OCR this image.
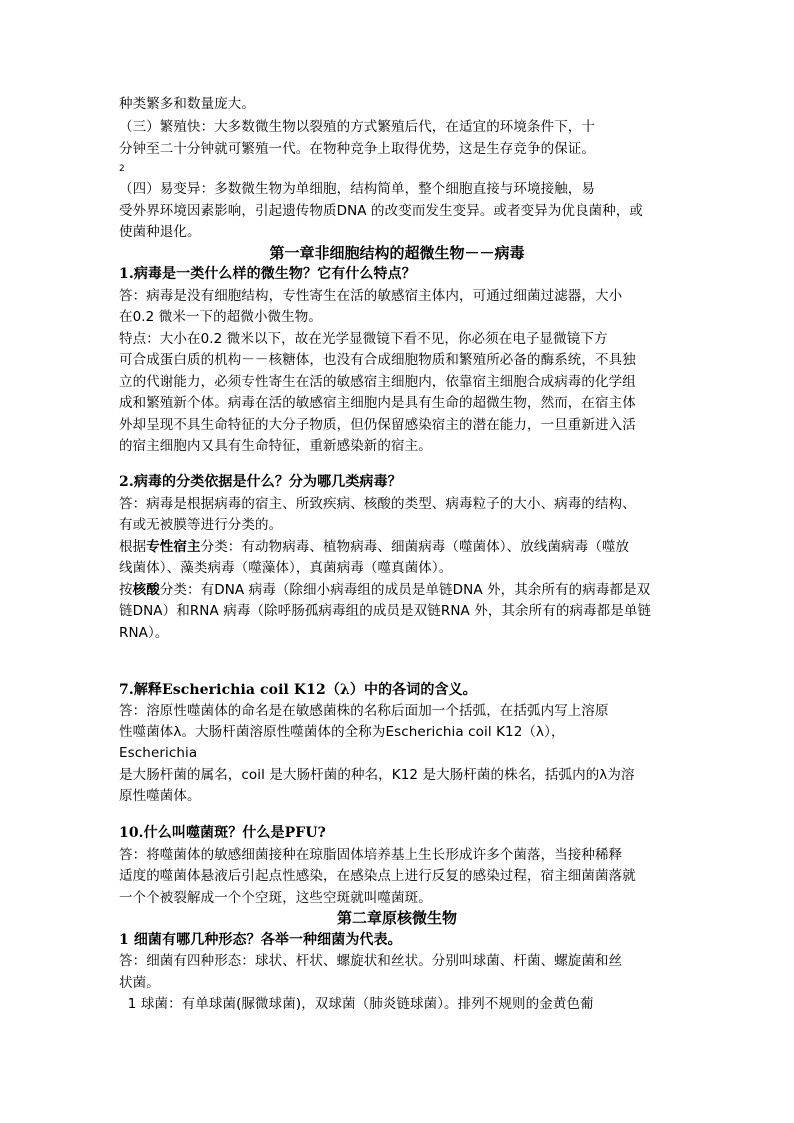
种类繁多和数量庞大。
（三）繁殖快：大多数微生物以裂殖的方式繁殖后代，在适宜的环境条件下，十
分钟至二十分钟就可繁殖一代。在物种竞争上取得优势，这是生存竞争的保证。
2
（四）易变异：多数微生物为单细胞，结构简单，整个细胞直接与环境接触，易
受外界环境因素影响，引起遗传物质DNA 的改变而发生变异。或者变异为优良菌种，或
使菌种退化。
第一章非细胞结构的超微生物－－病毒
1.病毒是一类什么样的微生物？它有什么特点？
答：病毒是没有细胞结构，专性寄生在活的敏感宿主体内，可通过细菌过滤器，大小
在0.2 微米一下的超微小微生物。
特点：大小在0.2 微米以下，故在光学显微镜下看不见，你必须在电子显微镜下方
可合成蛋白质的机构－－核糖体，也没有合成细胞物质和繁殖所必备的酶系统，不具独
立的代谢能力，必须专性寄生在活的敏感宿主细胞内，依靠宿主细胞合成病毒的化学组
成和繁殖新个体。病毒在活的敏感宿主细胞内是具有生命的超微生物，然而，在宿主体
外却呈现不具生命特征的大分子物质，但仍保留感染宿主的潜在能力，一旦重新进入活
的宿主细胞内又具有生命特征，重新感染新的宿主。
2.病毒的分类依据是什么？分为哪几类病毒？
答：病毒是根据病毒的宿主、所致疾病、核酸的类型、病毒粒子的大小、病毒的结构、
有或无被膜等进行分类的。
根据专性宿主分类：有动物病毒、植物病毒、细菌病毒（噬菌体）、放线菌病毒（噬放
线菌体）、藻类病毒（噬藻体），真菌病毒（噬真菌体）。
按核酸分类：有DNA 病毒（除细小病毒组的成员是单链DNA 外，其余所有的病毒都是双
链DNA）和RNA 病毒（除呼肠孤病毒组的成员是双链RNA 外，其余所有的病毒都是单链
RNA）。
7.解释Escherichia coil K12（λ）中的各词的含义。
答：溶原性噬菌体的命名是在敏感菌株的名称后面加一个括弧，在括弧内写上溶原
性噬菌体λ。大肠杆菌溶原性噬菌体的全称为Escherichia coil K12（λ），
Escherichia
是大肠杆菌的属名，coil 是大肠杆菌的种名，K12 是大肠杆菌的株名，括弧内的λ为溶
原性噬菌体。
10.什么叫噬菌斑？什么是PFU?
答：将噬菌体的敏感细菌接种在琼脂固体培养基上生长形成许多个菌落，当接种稀释
适度的噬菌体悬液后引起点性感染，在感染点上进行反复的感染过程，宿主细菌菌落就
一个个被裂解成一个个空斑，这些空斑就叫噬菌斑。
第二章原核微生物
1 细菌有哪几种形态？各举一种细菌为代表。
答：细菌有四种形态：球状、杆状、螺旋状和丝状。分别叫球菌、杆菌、螺旋菌和丝
状菌。
1 球菌：有单球菌(脲微球菌)，双球菌（肺炎链球菌）。排列不规则的金黄色葡
